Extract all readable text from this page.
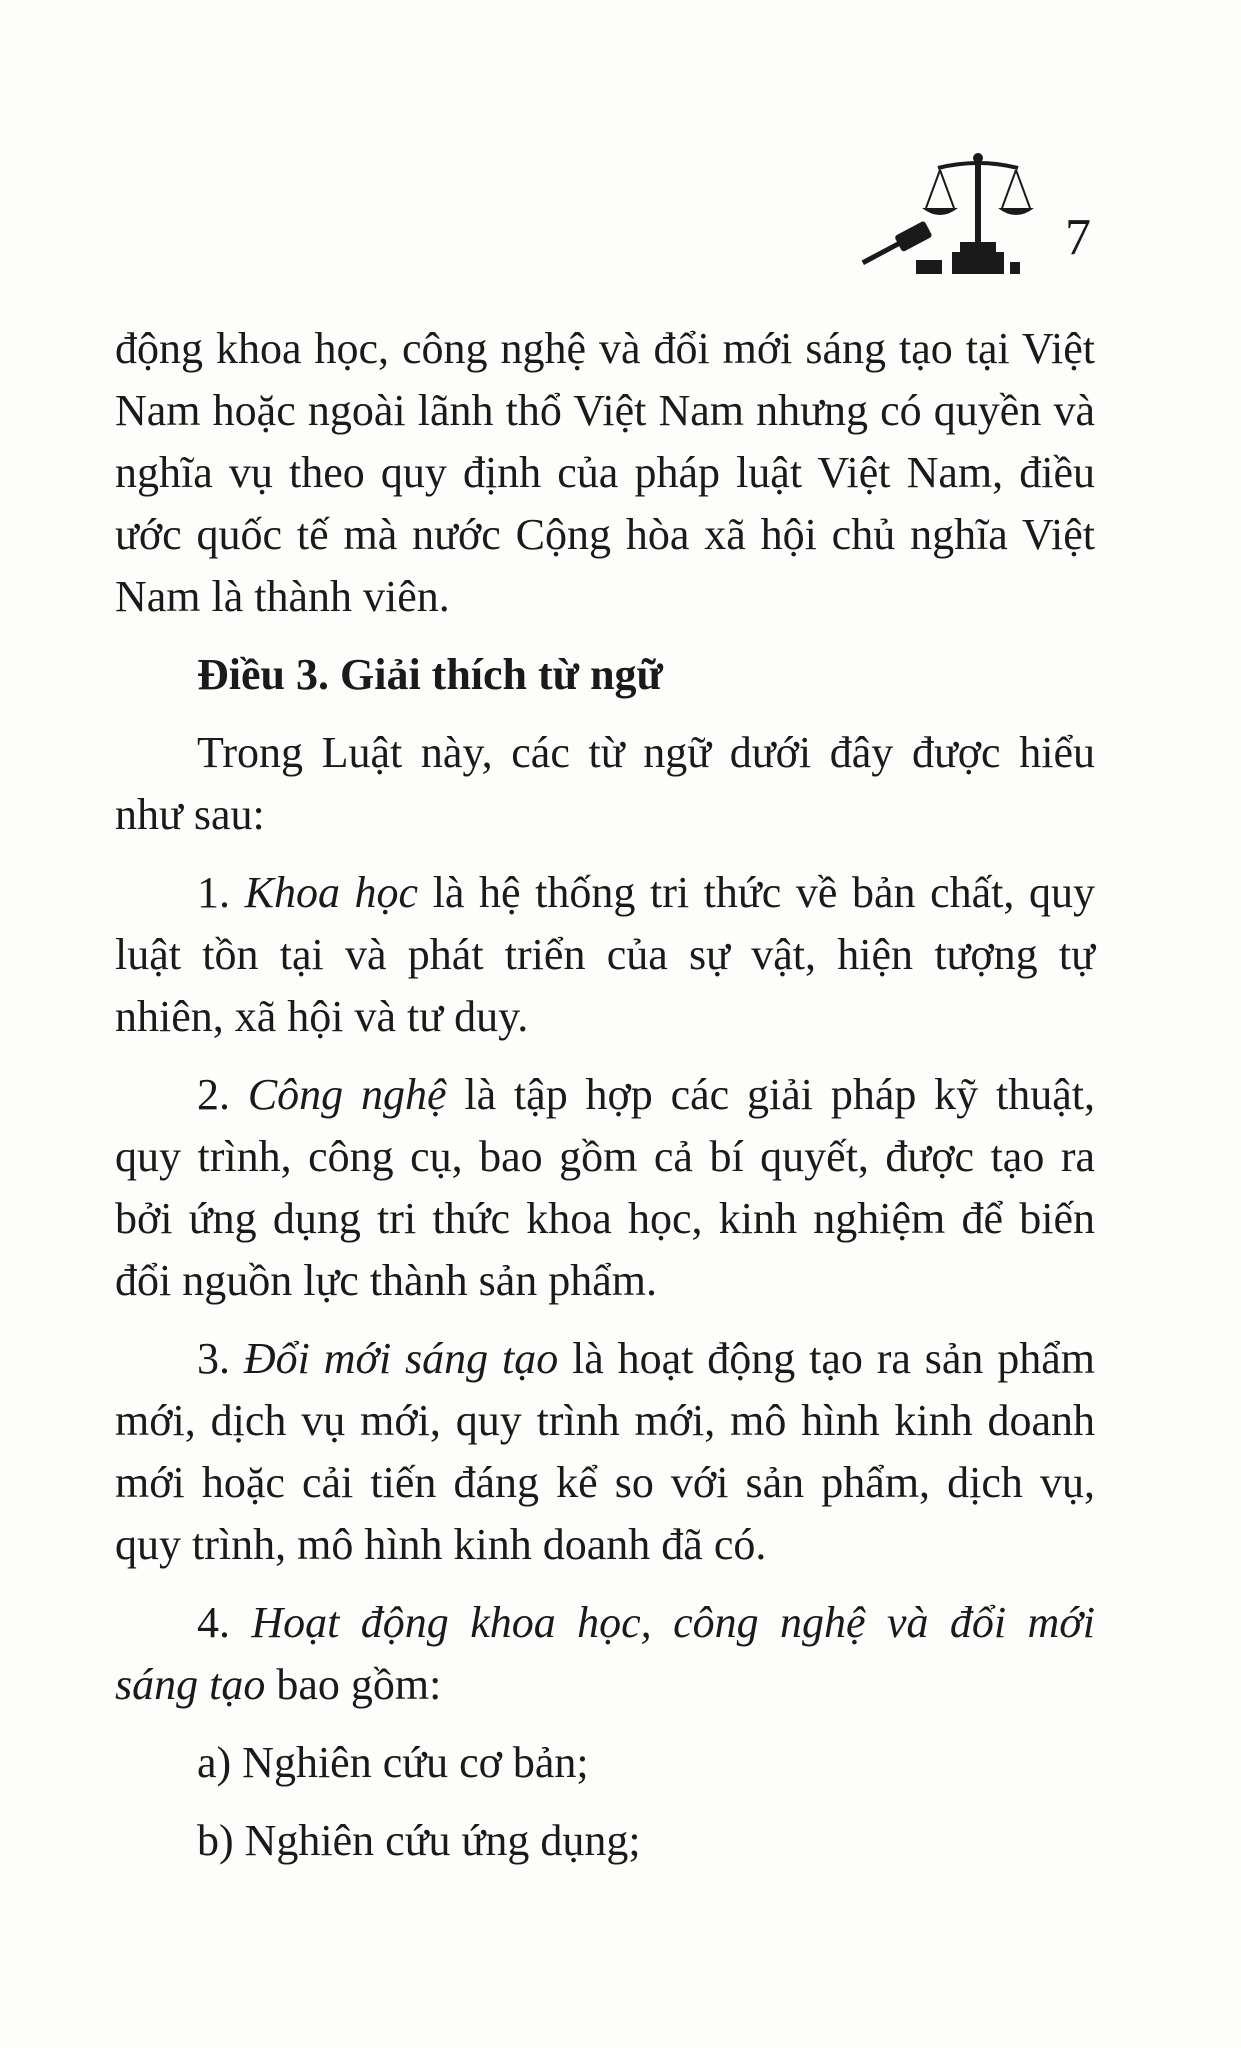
7

động khoa học, công nghệ và đổi mới sáng tạo tại Việt Nam hoặc ngoài lãnh thổ Việt Nam nhưng có quyền và nghĩa vụ theo quy định của pháp luật Việt Nam, điều ước quốc tế mà nước Cộng hòa xã hội chủ nghĩa Việt Nam là thành viên.

Điều 3. Giải thích từ ngữ

Trong Luật này, các từ ngữ dưới đây được hiểu như sau:

1. Khoa học là hệ thống tri thức về bản chất, quy luật tồn tại và phát triển của sự vật, hiện tượng tự nhiên, xã hội và tư duy.

2. Công nghệ là tập hợp các giải pháp kỹ thuật, quy trình, công cụ, bao gồm cả bí quyết, được tạo ra bởi ứng dụng tri thức khoa học, kinh nghiệm để biến đổi nguồn lực thành sản phẩm.

3. Đổi mới sáng tạo là hoạt động tạo ra sản phẩm mới, dịch vụ mới, quy trình mới, mô hình kinh doanh mới hoặc cải tiến đáng kể so với sản phẩm, dịch vụ, quy trình, mô hình kinh doanh đã có.

4. Hoạt động khoa học, công nghệ và đổi mới sáng tạo bao gồm:

a) Nghiên cứu cơ bản;

b) Nghiên cứu ứng dụng;
